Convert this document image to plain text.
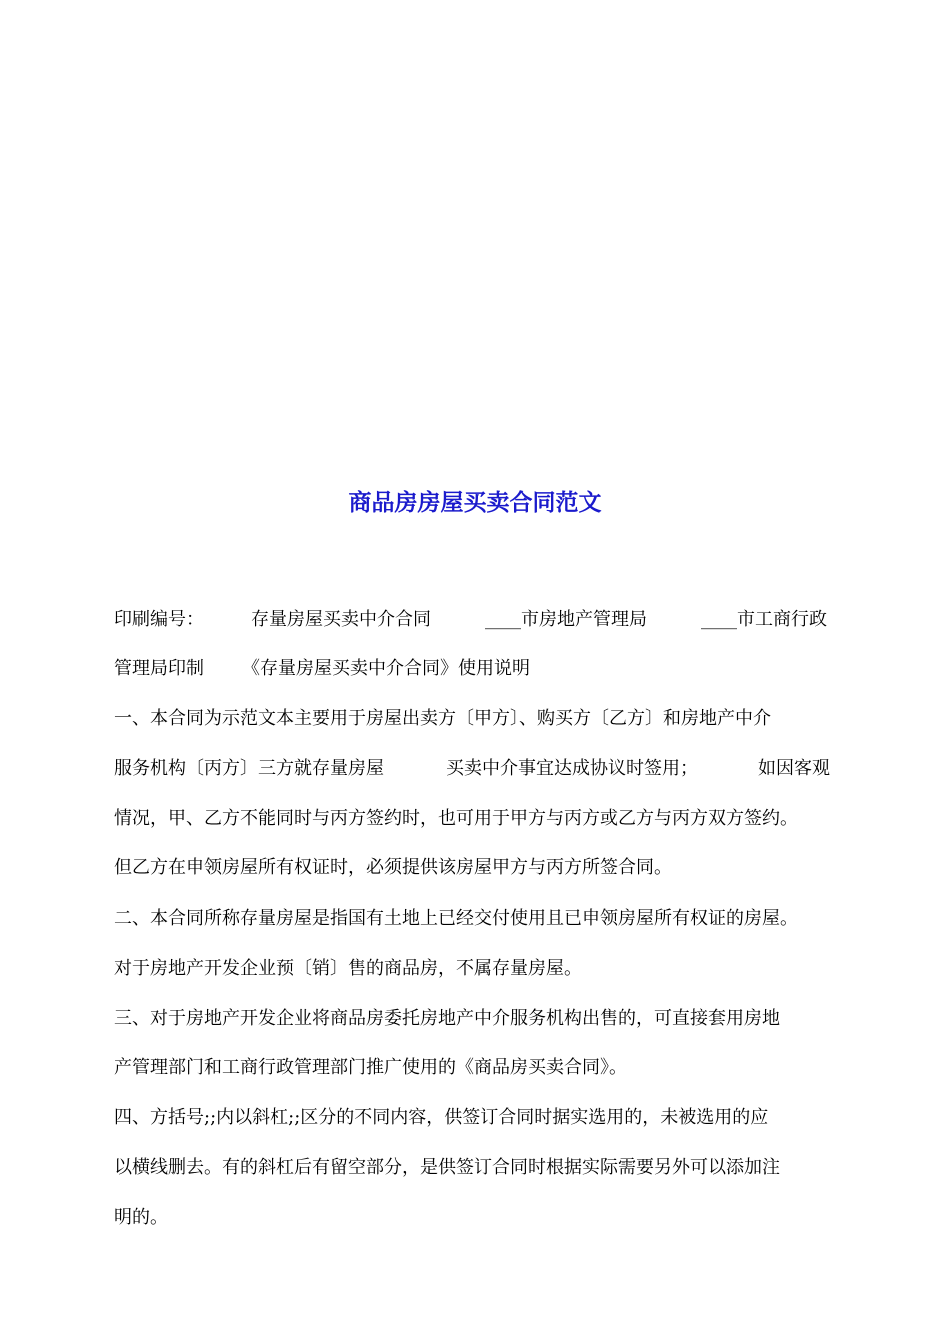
商品房房屋买卖合同范文
印刷编号：	存量房屋买卖中介合同	____市房地产管理局	____市工商行政
管理局印制 《存量房屋买卖中介合同》使用说明
一、本合同为示范文本主要用于房屋出卖方〔甲方〕、购买方〔乙方〕和房地产中介
服务机构〔丙方〕三方就存量房屋	买卖中介事宜达成协议时签用；	如因客观
情况，甲、乙方不能同时与丙方签约时，也可用于甲方与丙方或乙方与丙方双方签约。
但乙方在申领房屋所有权证时，必须提供该房屋甲方与丙方所签合同。
二、本合同所称存量房屋是指国有土地上已经交付使用且已申领房屋所有权证的房屋。
对于房地产开发企业预〔销〕售的商品房，不属存量房屋。
三、对于房地产开发企业将商品房委托房地产中介服务机构出售的，可直接套用房地
产管理部门和工商行政管理部门推广使用的《商品房买卖合同》。
四、方括号;;内以斜杠;;区分的不同内容，供签订合同时据实选用的，未被选用的应
以横线删去。有的斜杠后有留空部分，是供签订合同时根据实际需要另外可以添加注
明的。
